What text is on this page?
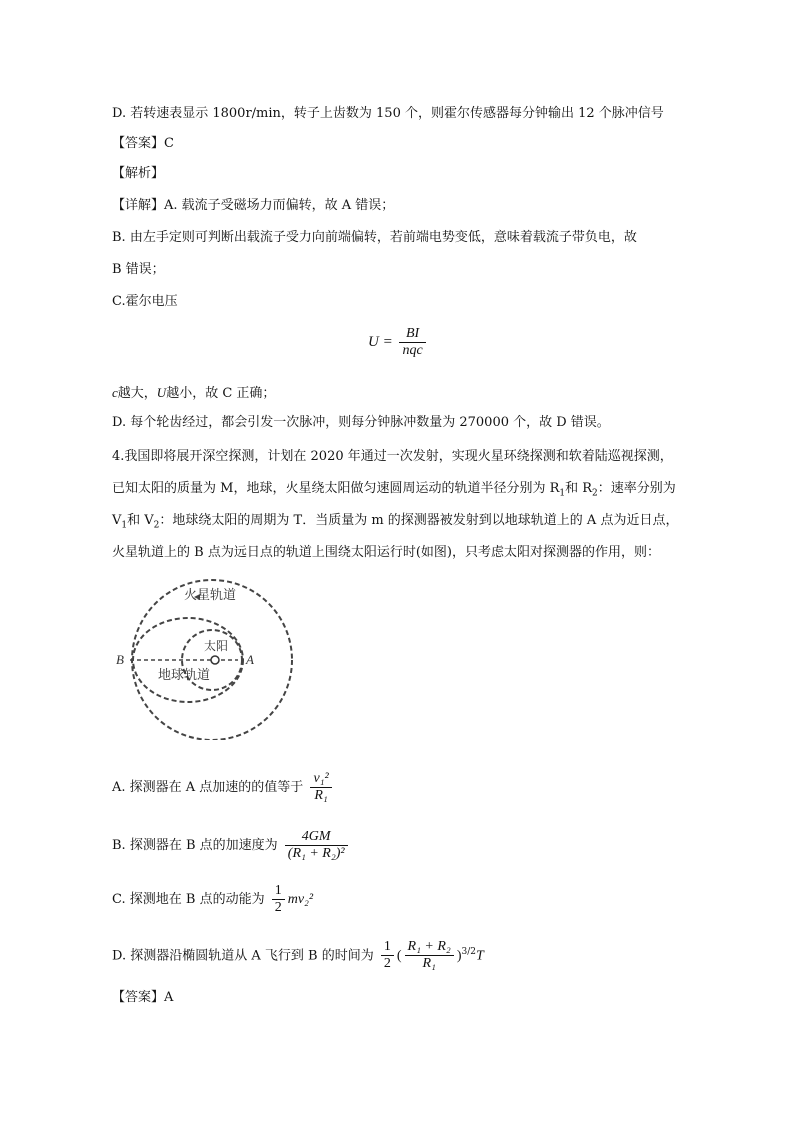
D. 若转速表显示 1800r/min，转子上齿数为 150 个，则霍尔传感器每分钟输出 12 个脉冲信号
【答案】C
【解析】
【详解】A. 载流子受磁场力而偏转，故 A 错误；
B. 由左手定则可判断出载流子受力向前端偏转，若前端电势变低，意味着载流子带负电，故
B 错误；
C.霍尔电压
$U = \frac{BI}{\text{nqc}}$
c越大，U越小，故 C 正确；
D. 每个轮齿经过，都会引发一次脉冲，则每分钟脉冲数量为 270000 个，故 D 错误。
4.我国即将展开深空探测，计划在 2020 年通过一次发射，实现火星环绕探测和软着陆巡视探测，
已知太阳的质量为 M，地球，火星绕太阳做匀速圆周运动的轨道半径分别为 $R_1$和 $R_2$：速率分别为
$V_1$和 $V_2$：地球绕太阳的周期为 T．当质量为 m 的探测器被发射到以地球轨道上的 A 点为近日点，
火星轨道上的 B 点为远日点的轨道上围绕太阳运行时(如图)，只考虑太阳对探测器的作用，则：
火星轨道
太阳
地球轨道
B	A
A. 探测器在 A 点加速的的值等于 $\frac{\text{v₁²}}{\text{R₁}}$
B. 探测器在 B 点的加速度为 $\frac{4GM}{\text{(R₁ + R₂)²}}$
C. 探测地在 B 点的动能为 $\frac{1}{2} mv_2^2$
D. 探测器沿椭圆轨道从 A 飞行到 B 的时间为 $\frac{1}{2}$ ( $\frac{\text{R₁ + R₂}}{\text{R₁}} )^{3/2}T$
【答案】A
